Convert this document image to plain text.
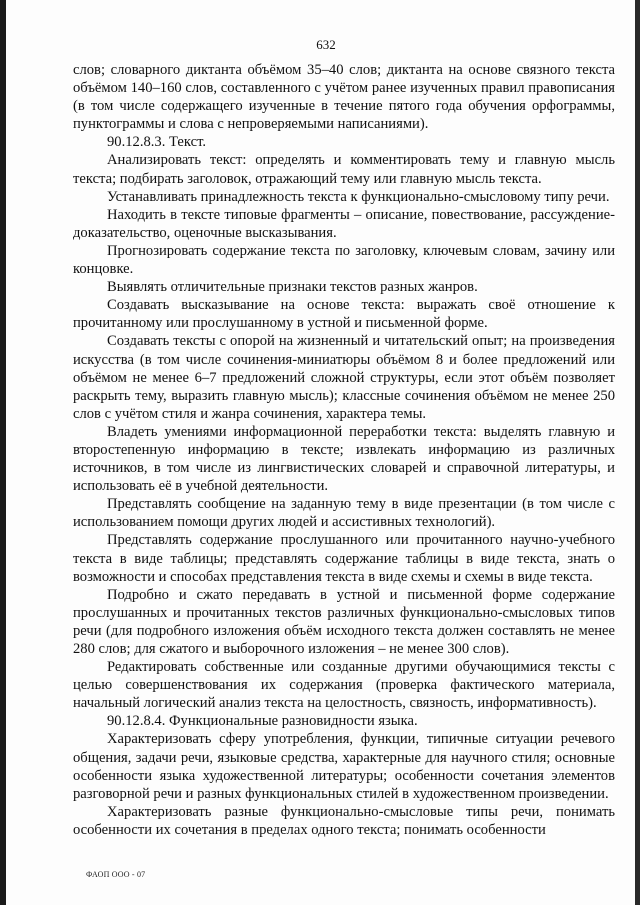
632

слов; словарного диктанта объёмом 35–40 слов; диктанта на основе связного текста объёмом 140–160 слов, составленного с учётом ранее изученных правил правописания (в том числе содержащего изученные в течение пятого года обучения орфограммы, пунктограммы и слова с непроверяемыми написаниями).

90.12.8.3. Текст.

Анализировать текст: определять и комментировать тему и главную мысль текста; подбирать заголовок, отражающий тему или главную мысль текста.

Устанавливать принадлежность текста к функционально-смысловому типу речи.

Находить в тексте типовые фрагменты – описание, повествование, рассуждение-доказательство, оценочные высказывания.

Прогнозировать содержание текста по заголовку, ключевым словам, зачину или концовке.

Выявлять отличительные признаки текстов разных жанров.

Создавать высказывание на основе текста: выражать своё отношение к прочитанному или прослушанному в устной и письменной форме.

Создавать тексты с опорой на жизненный и читательский опыт; на произведения искусства (в том числе сочинения-миниатюры объёмом 8 и более предложений или объёмом не менее 6–7 предложений сложной структуры, если этот объём позволяет раскрыть тему, выразить главную мысль); классные сочинения объёмом не менее 250 слов с учётом стиля и жанра сочинения, характера темы.

Владеть умениями информационной переработки текста: выделять главную и второстепенную информацию в тексте; извлекать информацию из различных источников, в том числе из лингвистических словарей и справочной литературы, и использовать её в учебной деятельности.

Представлять сообщение на заданную тему в виде презентации (в том числе с использованием помощи других людей и ассистивных технологий).

Представлять содержание прослушанного или прочитанного научно-учебного текста в виде таблицы; представлять содержание таблицы в виде текста, знать о возможности и способах представления текста в виде схемы и схемы в виде текста.

Подробно и сжато передавать в устной и письменной форме содержание прослушанных и прочитанных текстов различных функционально-смысловых типов речи (для подробного изложения объём исходного текста должен составлять не менее 280 слов; для сжатого и выборочного изложения – не менее 300 слов).

Редактировать собственные или созданные другими обучающимися тексты с целью совершенствования их содержания (проверка фактического материала, начальный логический анализ текста на целостность, связность, информативность).

90.12.8.4. Функциональные разновидности языка.

Характеризовать сферу употребления, функции, типичные ситуации речевого общения, задачи речи, языковые средства, характерные для научного стиля; основные особенности языка художественной литературы; особенности сочетания элементов разговорной речи и разных функциональных стилей в художественном произведении.

Характеризовать разные функционально-смысловые типы речи, понимать особенности их сочетания в пределах одного текста; понимать особенности

ФАОП ООО - 07
